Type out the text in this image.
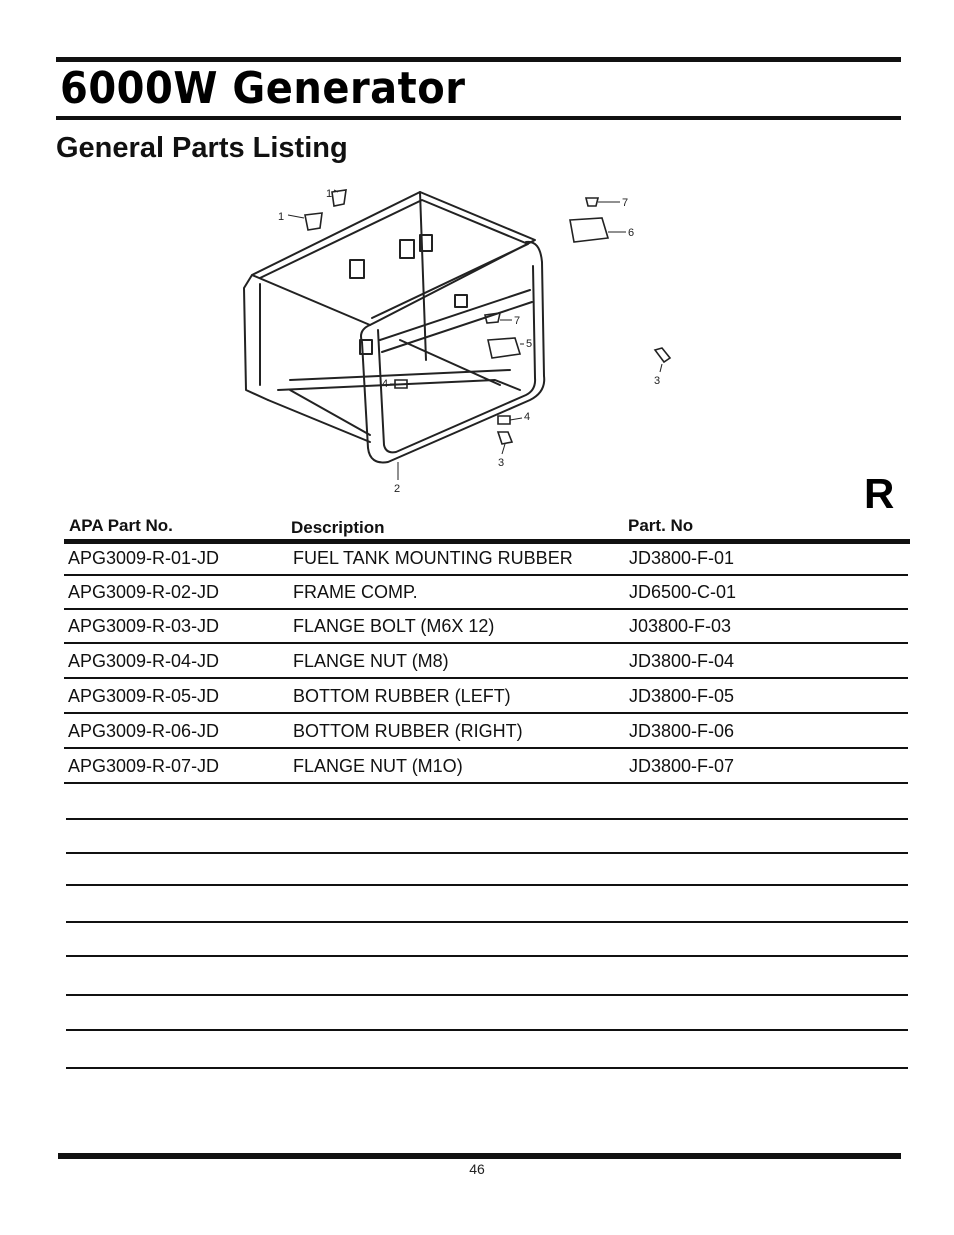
6000W Generator
General Parts Listing
1
1
7
6
7
5
3
4
4
3
2	R
APA Part No.	Description	Part. No
APG3009-R-01-JD	FUEL TANK MOUNTING RUBBER	JD3800-F-01
APG3009-R-02-JD	FRAME COMP.	JD6500-C-01
APG3009-R-03-JD	FLANGE BOLT (M6X 12)	J03800-F-03
APG3009-R-04-JD	FLANGE NUT (M8)	JD3800-F-04
APG3009-R-05-JD	BOTTOM RUBBER (LEFT)	JD3800-F-05
APG3009-R-06-JD	BOTTOM RUBBER (RIGHT)	JD3800-F-06
APG3009-R-07-JD	FLANGE NUT (M1O)	JD3800-F-07
46
